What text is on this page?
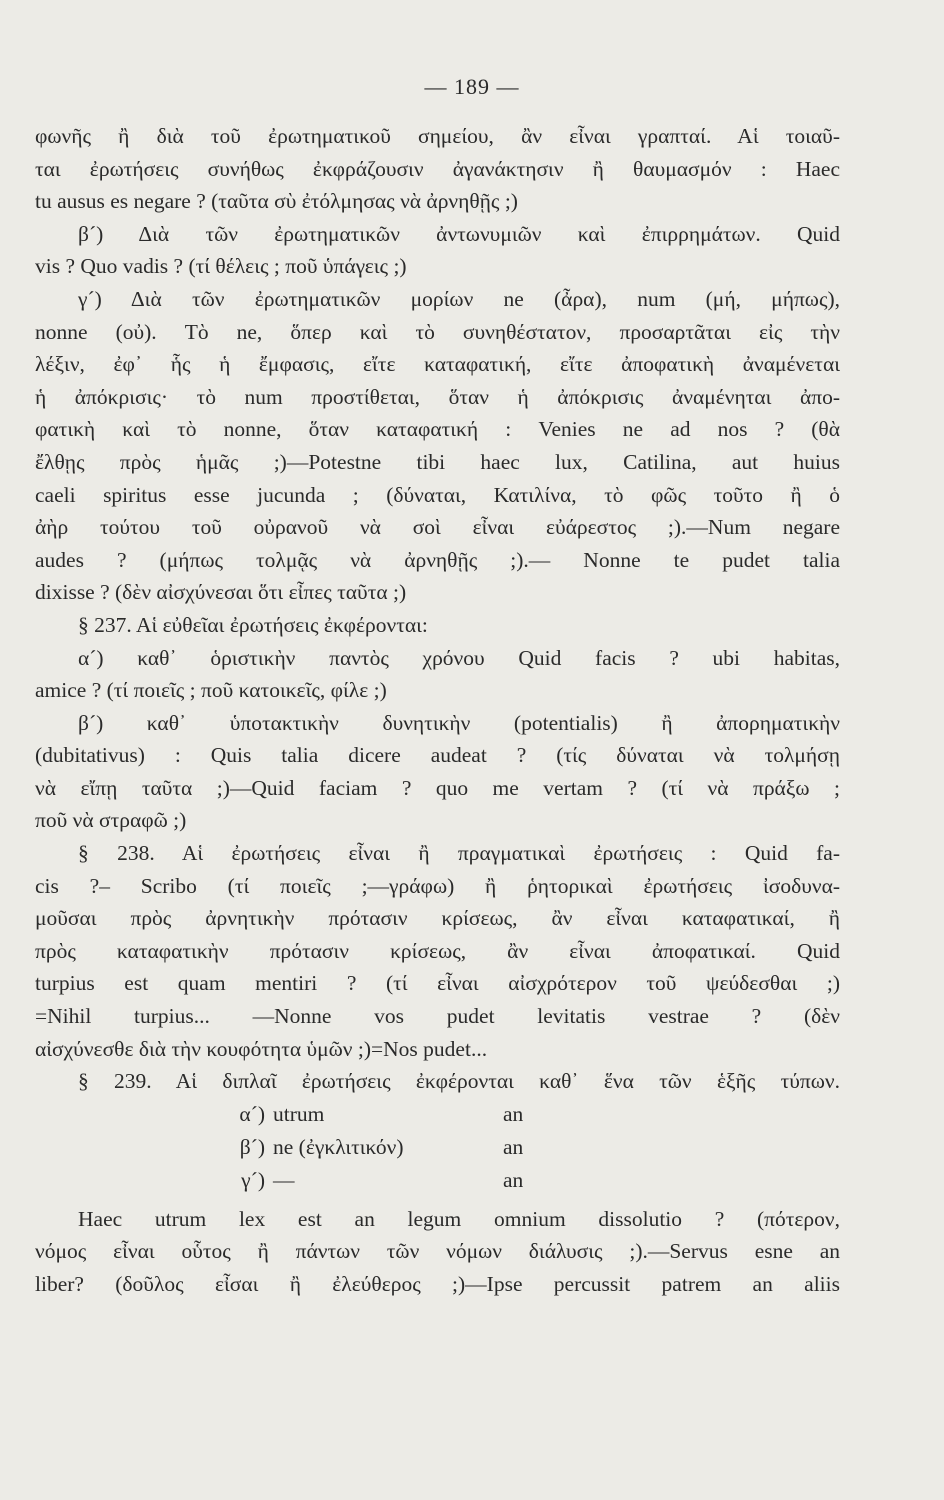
— 189 —
φωνῆς ἢ διὰ τοῦ ἐρωτηματικοῦ σημείου, ἂν εἶναι γραπταί. Αἱ τοιαῦ-
ται ἐρωτήσεις συνήθως ἐκφράζουσιν ἀγανάκτησιν ἢ θαυμασμόν : Haec
tu ausus es negare ? (ταῦτα σὺ ἐτόλμησας νὰ ἀρνηθῇς ;)
β´) Διὰ τῶν ἐρωτηματικῶν ἀντωνυμιῶν καὶ ἐπιρρημάτων. Quid
vis ? Quo vadis ? (τί θέλεις ; ποῦ ὑπάγεις ;)
γ´) Διὰ τῶν ἐρωτηματικῶν μορίων ne (ἆρα), num (μή, μήπως),
nonne (οὐ). Τὸ ne, ὅπερ καὶ τὸ συνηθέστατον, προσαρτᾶται εἰς τὴν
λέξιν, ἐφ᾽ ἧς ἡ ἔμφασις, εἴτε καταφατική, εἴτε ἀποφατικὴ ἀναμένεται
ἡ ἀπόκρισις· τὸ num προστίθεται, ὅταν ἡ ἀπόκρισις ἀναμένηται ἀπο-
φατικὴ καὶ τὸ nonne, ὅταν καταφατική : Venies ne ad nos ? (θὰ
ἔλθῃς πρὸς ἡμᾶς ;)—Potestne tibi haec lux, Catilina, aut huius
caeli spiritus esse jucunda ; (δύναται, Κατιλίνα, τὸ φῶς τοῦτο ἢ ὁ
ἀὴρ τούτου τοῦ οὐρανοῦ νὰ σοὶ εἶναι εὐάρεστος ;).—Num negare
audes ? (μήπως τολμᾷς νὰ ἀρνηθῇς ;).— Nonne te pudet talia
dixisse ? (δὲν αἰσχύνεσαι ὅτι εἶπες ταῦτα ;)
§ 237. Αἱ εὐθεῖαι ἐρωτήσεις ἐκφέρονται:
α´) καθ᾽ ὁριστικὴν παντὸς χρόνου Quid facis ? ubi habitas,
amice ? (τί ποιεῖς ; ποῦ κατοικεῖς, φίλε ;)
β´) καθ᾽ ὑποτακτικὴν δυνητικὴν (potentialis) ἢ ἀπορηματικὴν
(dubitativus) : Quis talia dicere audeat ? (τίς δύναται νὰ τολμήσῃ
νὰ εἴπῃ ταῦτα ;)—Quid faciam ? quo me vertam ? (τί νὰ πράξω ;
ποῦ νὰ στραφῶ ;)
§ 238. Αἱ ἐρωτήσεις εἶναι ἢ πραγματικαὶ ἐρωτήσεις : Quid fa-
cis ?– Scribo (τί ποιεῖς ;—γράφω) ἢ ῥητορικαὶ ἐρωτήσεις ἰσοδυνα-
μοῦσαι πρὸς ἀρνητικὴν πρότασιν κρίσεως, ἂν εἶναι καταφατικαί, ἢ
πρὸς καταφατικὴν πρότασιν κρίσεως, ἂν εἶναι ἀποφατικαί. Quid
turpius est quam mentiri ? (τί εἶναι αἰσχρότερον τοῦ ψεύδεσθαι ;)
=Nihil turpius... —Nonne vos pudet levitatis vestrae ? (δὲν
αἰσχύνεσθε διὰ τὴν κουφότητα ὑμῶν ;)=Nos pudet...
§ 239. Αἱ διπλαῖ ἐρωτήσεις ἐκφέρονται καθ᾽ ἕνα τῶν ἑξῆς τύπων.
α´) utrum	an
β´) ne (ἐγκλιτικόν)	an
γ´) —	an
Haec utrum lex est an legum omnium dissolutio ? (πότερον,
νόμος εἶναι οὗτος ἢ πάντων τῶν νόμων διάλυσις ;).—Servus esne an
liber? (δοῦλος εἶσαι ἢ ἐλεύθερος ;)—Ipse percussit patrem an aliis
